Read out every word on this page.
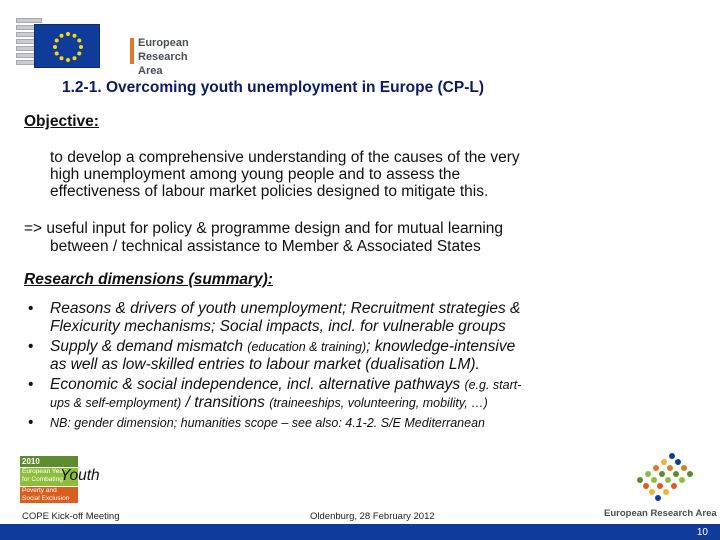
European
Research Area
1.2-1. Overcoming youth unemployment in Europe (CP-L)
Objective:
to develop a comprehensive understanding of the causes of the very
high unemployment among young people and to assess the
effectiveness of labour market policies designed to mitigate this.
=> useful input for policy & programme design and for mutual learning
between / technical assistance to Member & Associated States
Research dimensions (summary):
• Reasons & drivers of youth unemployment; Recruitment strategies &
Flexicurity mechanisms; Social impacts, incl. for vulnerable groups
• Supply & demand mismatch (education & training); knowledge-intensive
as well as low-skilled entries to labour market (dualisation LM).
• Economic & social independence, incl. alternative pathways (e.g. start-
ups & self-employment) / transitions (traineeships, volunteering, mobility, …)
• NB: gender dimension; humanities scope – see also: 4.1-2. S/E Mediterranean
2010
European Year
for Combating
Poverty and
Social Exclusion
Youth
European Research Area
COPE Kick-off Meeting	Oldenburg, 28 February 2012
10
